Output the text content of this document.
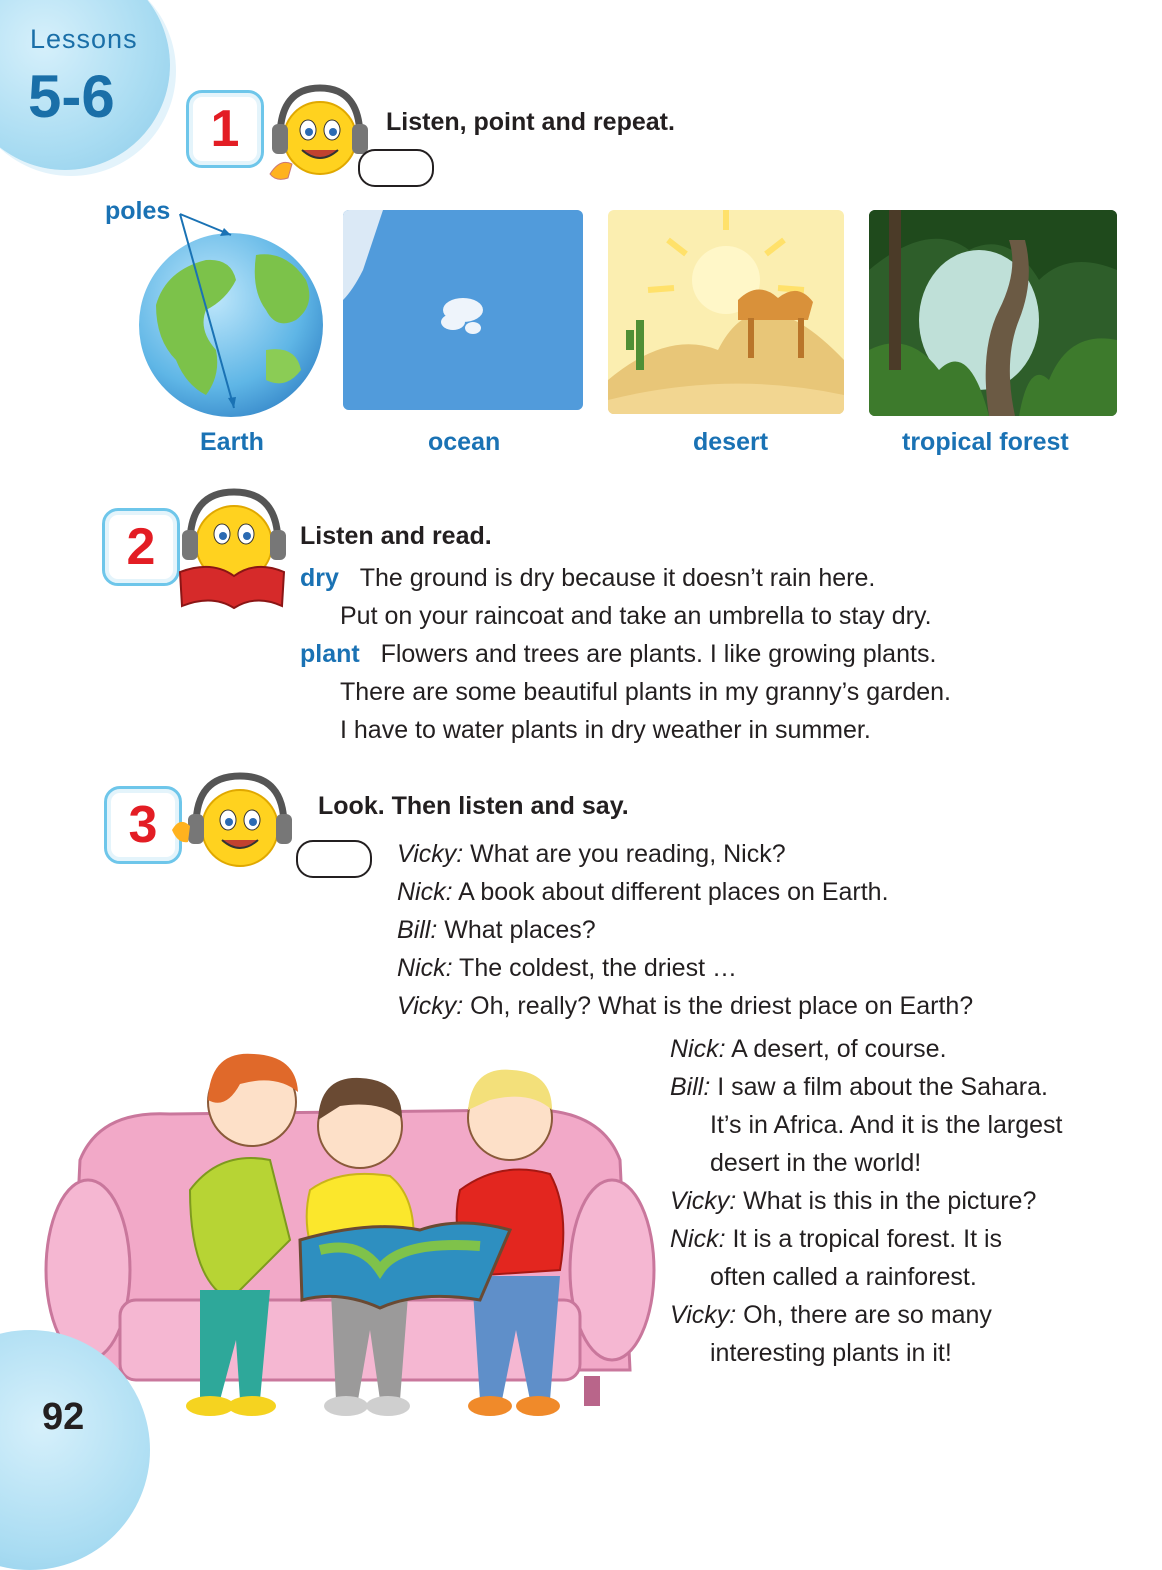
Lessons
5-6	1	Listen, point and repeat.
poles
Earth	ocean	desert	tropical forest
2	Listen and read.
dry The ground is dry because it doesn’t rain here.
Put on your raincoat and take an umbrella to stay dry.
plant Flowers and trees are plants. I like growing plants.
There are some beautiful plants in my granny’s garden.
I have to water plants in dry weather in summer.
3	Look. Then listen and say.
Vicky: What are you reading, Nick?
Nick: A book about different places on Earth.
Bill: What places?
Nick: The coldest, the driest …
Vicky: Oh, really? What is the driest place on Earth?
Nick: A desert, of course.
Bill: I saw a film about the Sahara.
It’s in Africa. And it is the largest
desert in the world!
Vicky: What is this in the picture?
Nick: It is a tropical forest. It is
often called a rainforest.
Vicky: Oh, there are so many
interesting plants in it!
92
